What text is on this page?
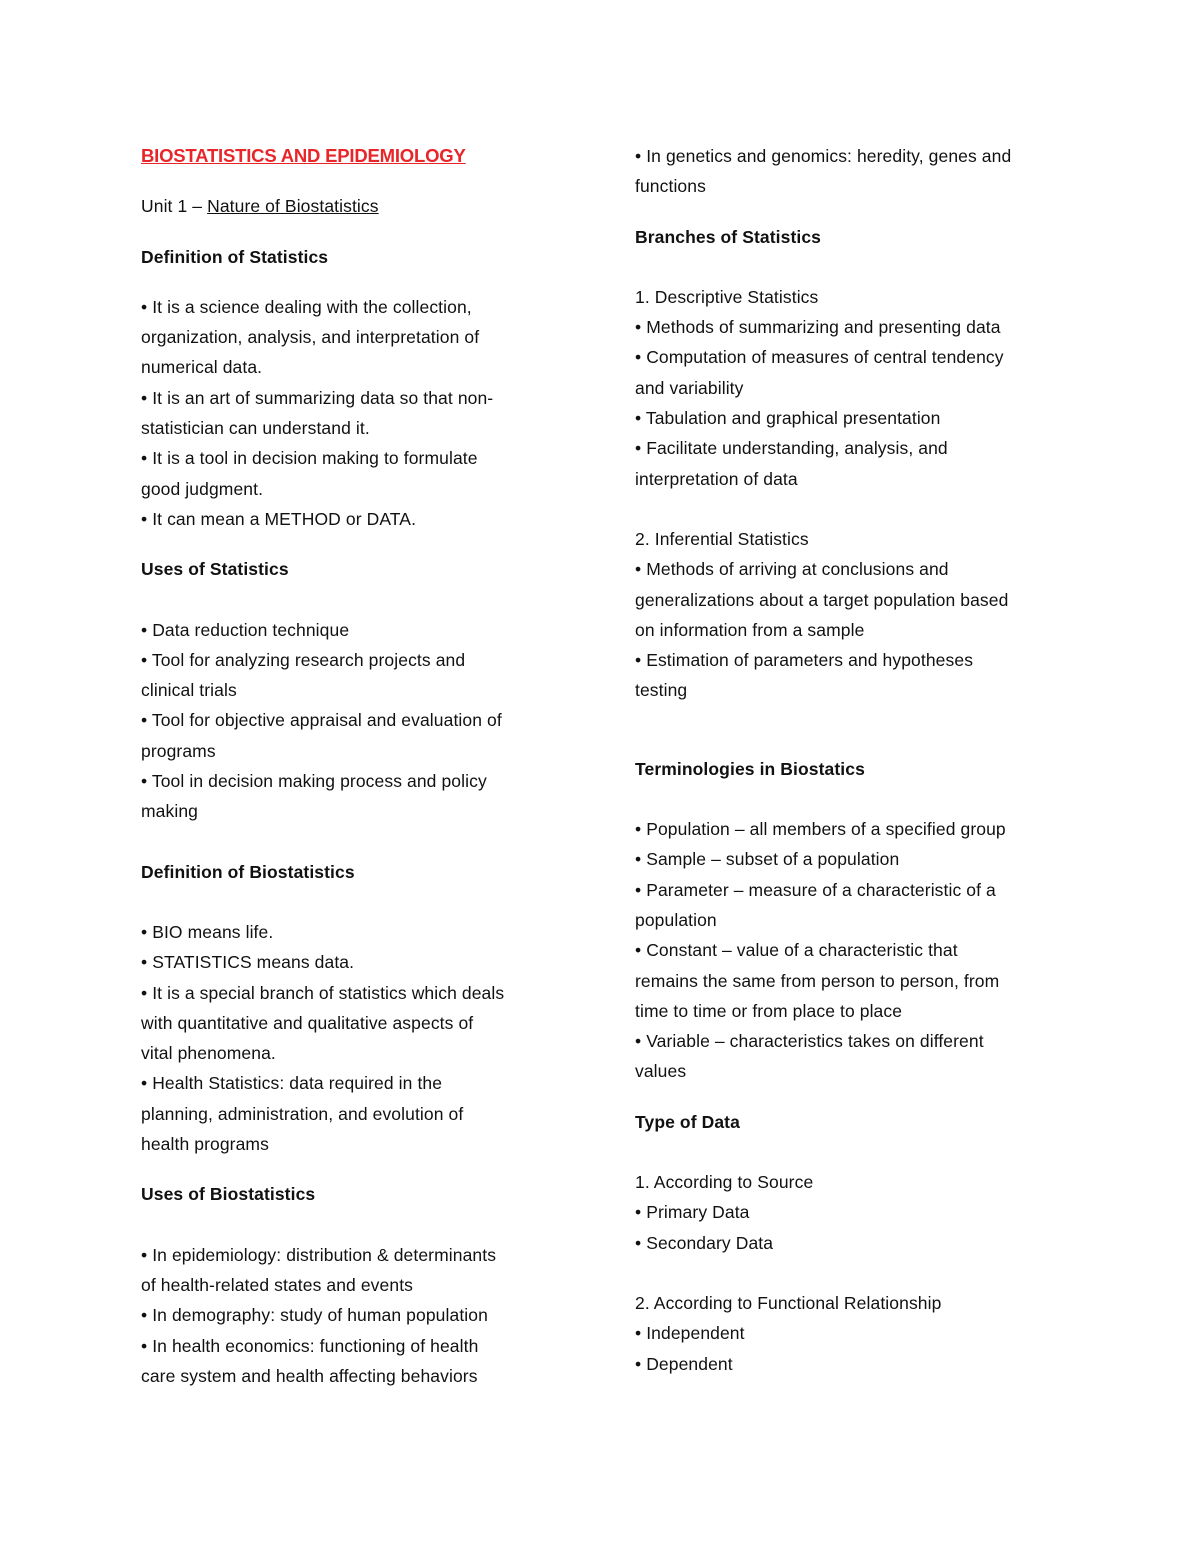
BIOSTATISTICS AND EPIDEMIOLOGY
Unit 1 – Nature of Biostatistics
Definition of Statistics
• It is a science dealing with the collection,
organization, analysis, and interpretation of
numerical data.
• It is an art of summarizing data so that non-
statistician can understand it.
• It is a tool in decision making to formulate
good judgment.
• It can mean a METHOD or DATA.
Uses of Statistics
• Data reduction technique
• Tool for analyzing research projects and
clinical trials
• Tool for objective appraisal and evaluation of
programs
• Tool in decision making process and policy
making
Definition of Biostatistics
• BIO means life.
• STATISTICS means data.
• It is a special branch of statistics which deals
with quantitative and qualitative aspects of
vital phenomena.
• Health Statistics: data required in the
planning, administration, and evolution of
health programs
Uses of Biostatistics
• In epidemiology: distribution & determinants
of health-related states and events
• In demography: study of human population
• In health economics: functioning of health
care system and health affecting behaviors
• In genetics and genomics: heredity, genes and
functions
Branches of Statistics
1. Descriptive Statistics
• Methods of summarizing and presenting data
• Computation of measures of central tendency
and variability
• Tabulation and graphical presentation
• Facilitate understanding, analysis, and
interpretation of data
2. Inferential Statistics
• Methods of arriving at conclusions and
generalizations about a target population based
on information from a sample
• Estimation of parameters and hypotheses
testing
Terminologies in Biostatics
• Population – all members of a specified group
• Sample – subset of a population
• Parameter – measure of a characteristic of a
population
• Constant – value of a characteristic that
remains the same from person to person, from
time to time or from place to place
• Variable – characteristics takes on different
values
Type of Data
1. According to Source
• Primary Data
• Secondary Data
2. According to Functional Relationship
• Independent
• Dependent
